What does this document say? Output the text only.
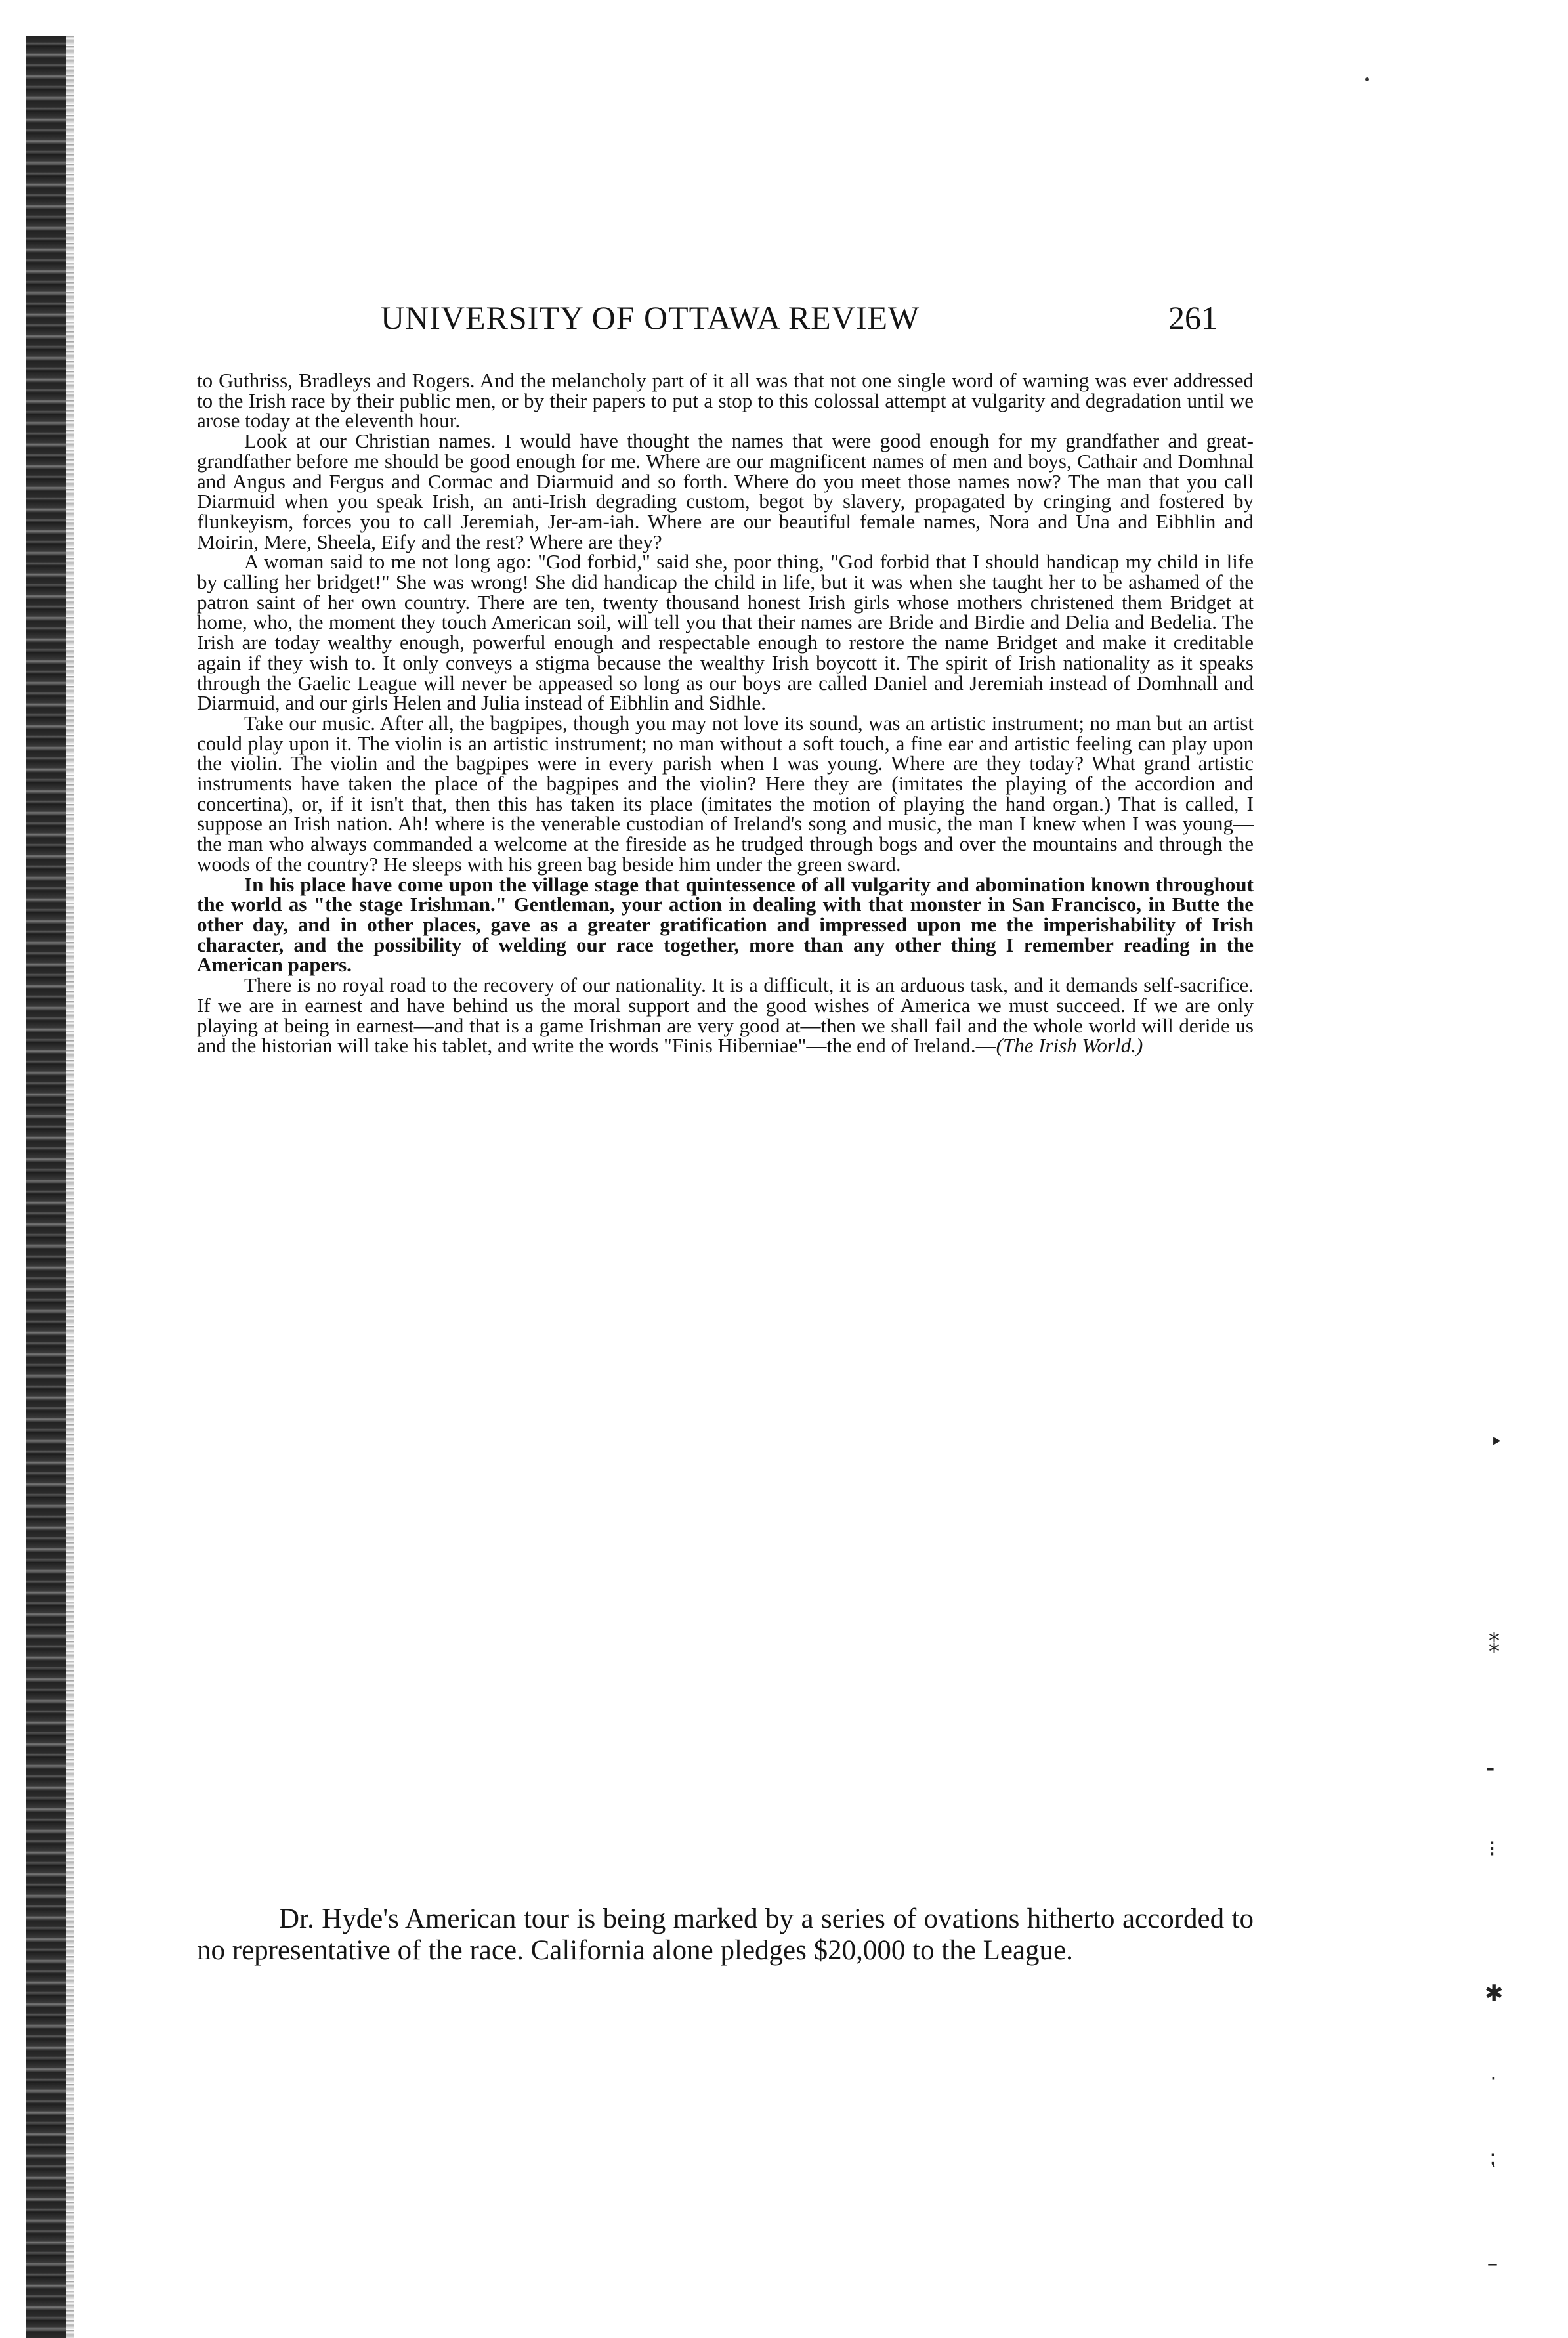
‣
⁑
⁃
⁝
✱
·
⁏
⁻
UNIVERSITY OF OTTAWA REVIEW	261

to Guthriss, Bradleys and Rogers. And the melancholy part of it all was that not one single word of warning was ever addressed to the Irish race by their public men, or by their papers to put a stop to this colossal attempt at vulgarity and degradation until we arose today at the eleventh hour.

Look at our Christian names. I would have thought the names that were good enough for my grandfather and great-grandfather before me should be good enough for me. Where are our magnificent names of men and boys, Cathair and Domhnal and Angus and Fergus and Cormac and Diarmuid and so forth. Where do you meet those names now? The man that you call Diarmuid when you speak Irish, an anti-Irish degrading custom, begot by slavery, propagated by cringing and fostered by flunkeyism, forces you to call Jeremiah, Jer-am-iah. Where are our beautiful female names, Nora and Una and Eibhlin and Moirin, Mere, Sheela, Eify and the rest? Where are they?

A woman said to me not long ago: "God forbid," said she, poor thing, "God forbid that I should handicap my child in life by calling her bridget!" She was wrong! She did handicap the child in life, but it was when she taught her to be ashamed of the patron saint of her own country. There are ten, twenty thousand honest Irish girls whose mothers christened them Bridget at home, who, the moment they touch American soil, will tell you that their names are Bride and Birdie and Delia and Bedelia. The Irish are today wealthy enough, powerful enough and respectable enough to restore the name Bridget and make it creditable again if they wish to. It only conveys a stigma because the wealthy Irish boycott it. The spirit of Irish nationality as it speaks through the Gaelic League will never be appeased so long as our boys are called Daniel and Jeremiah instead of Domhnall and Diarmuid, and our girls Helen and Julia instead of Eibhlin and Sidhle.

Take our music. After all, the bagpipes, though you may not love its sound, was an artistic instrument; no man but an artist could play upon it. The violin is an artistic instrument; no man without a soft touch, a fine ear and artistic feeling can play upon the violin. The violin and the bagpipes were in every parish when I was young. Where are they today? What grand artistic instruments have taken the place of the bagpipes and the violin? Here they are (imitates the playing of the accordion and concertina), or, if it isn't that, then this has taken its place (imitates the motion of playing the hand organ.) That is called, I suppose an Irish nation. Ah! where is the venerable custodian of Ireland's song and music, the man I knew when I was young—the man who always commanded a welcome at the fireside as he trudged through bogs and over the mountains and through the woods of the country? He sleeps with his green bag beside him under the green sward.

In his place have come upon the village stage that quintessence of all vulgarity and abomination known throughout the world as "the stage Irishman." Gentleman, your action in dealing with that monster in San Francisco, in Butte the other day, and in other places, gave as a greater gratification and impressed upon me the imperishability of Irish character, and the possibility of welding our race together, more than any other thing I remember reading in the American papers.

There is no royal road to the recovery of our nationality. It is a difficult, it is an arduous task, and it demands self-sacrifice. If we are in earnest and have behind us the moral support and the good wishes of America we must succeed. If we are only playing at being in earnest—and that is a game Irishman are very good at—then we shall fail and the whole world will deride us and the historian will take his tablet, and write the words "Finis Hiberniae"—the end of Ireland.—(The Irish World.)

Dr. Hyde's American tour is being marked by a series of ovations hitherto accorded to no representative of the race. California alone pledges $20,000 to the League.
